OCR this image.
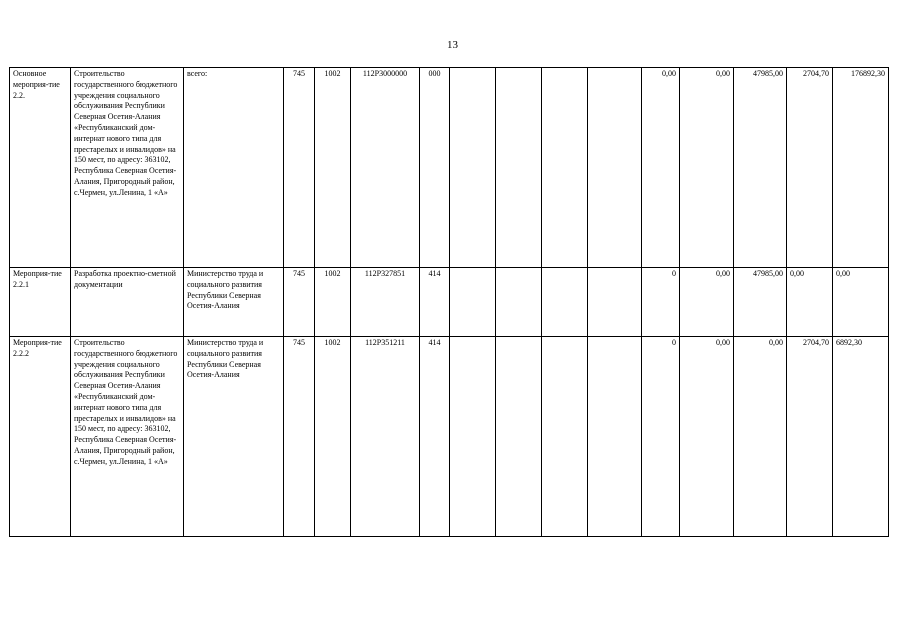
13
Основное мероприя-тие 2.2.	Строительство государственного бюджетного учреждения социального обслуживания Республики Северная Осетия-Алания «Республиканский дом-интернат нового типа для престарелых и инвалидов» на 150 мест, по адресу: 363102, Республика Северная Осетия-Алания, Пригородный район, с.Чермен, ул.Ленина, 1 «А»	всего:	745	1002	112Р3000000	000					0,00	0,00	47985,00	2704,70	176892,30
Мероприя-тие 2.2.1	Разработка проектно-сметной документации	Министерство труда и социального развития Республики Северная Осетия-Алания	745	1002	112Р327851	414					0	0,00	47985,00	0,00	0,00
Мероприя-тие 2.2.2	Строительство государственного бюджетного учреждения социального обслуживания Республики Северная Осетия-Алания «Республиканский дом-интернат нового типа для престарелых и инвалидов» на 150 мест, по адресу: 363102, Республика Северная Осетия-Алания, Пригородный район, с.Чермен, ул.Ленина, 1 «А»	Министерство труда и социального развития Республики Северная Осетия-Алания	745	1002	112Р351211	414					0	0,00	0,00	2704,70	6892,30
